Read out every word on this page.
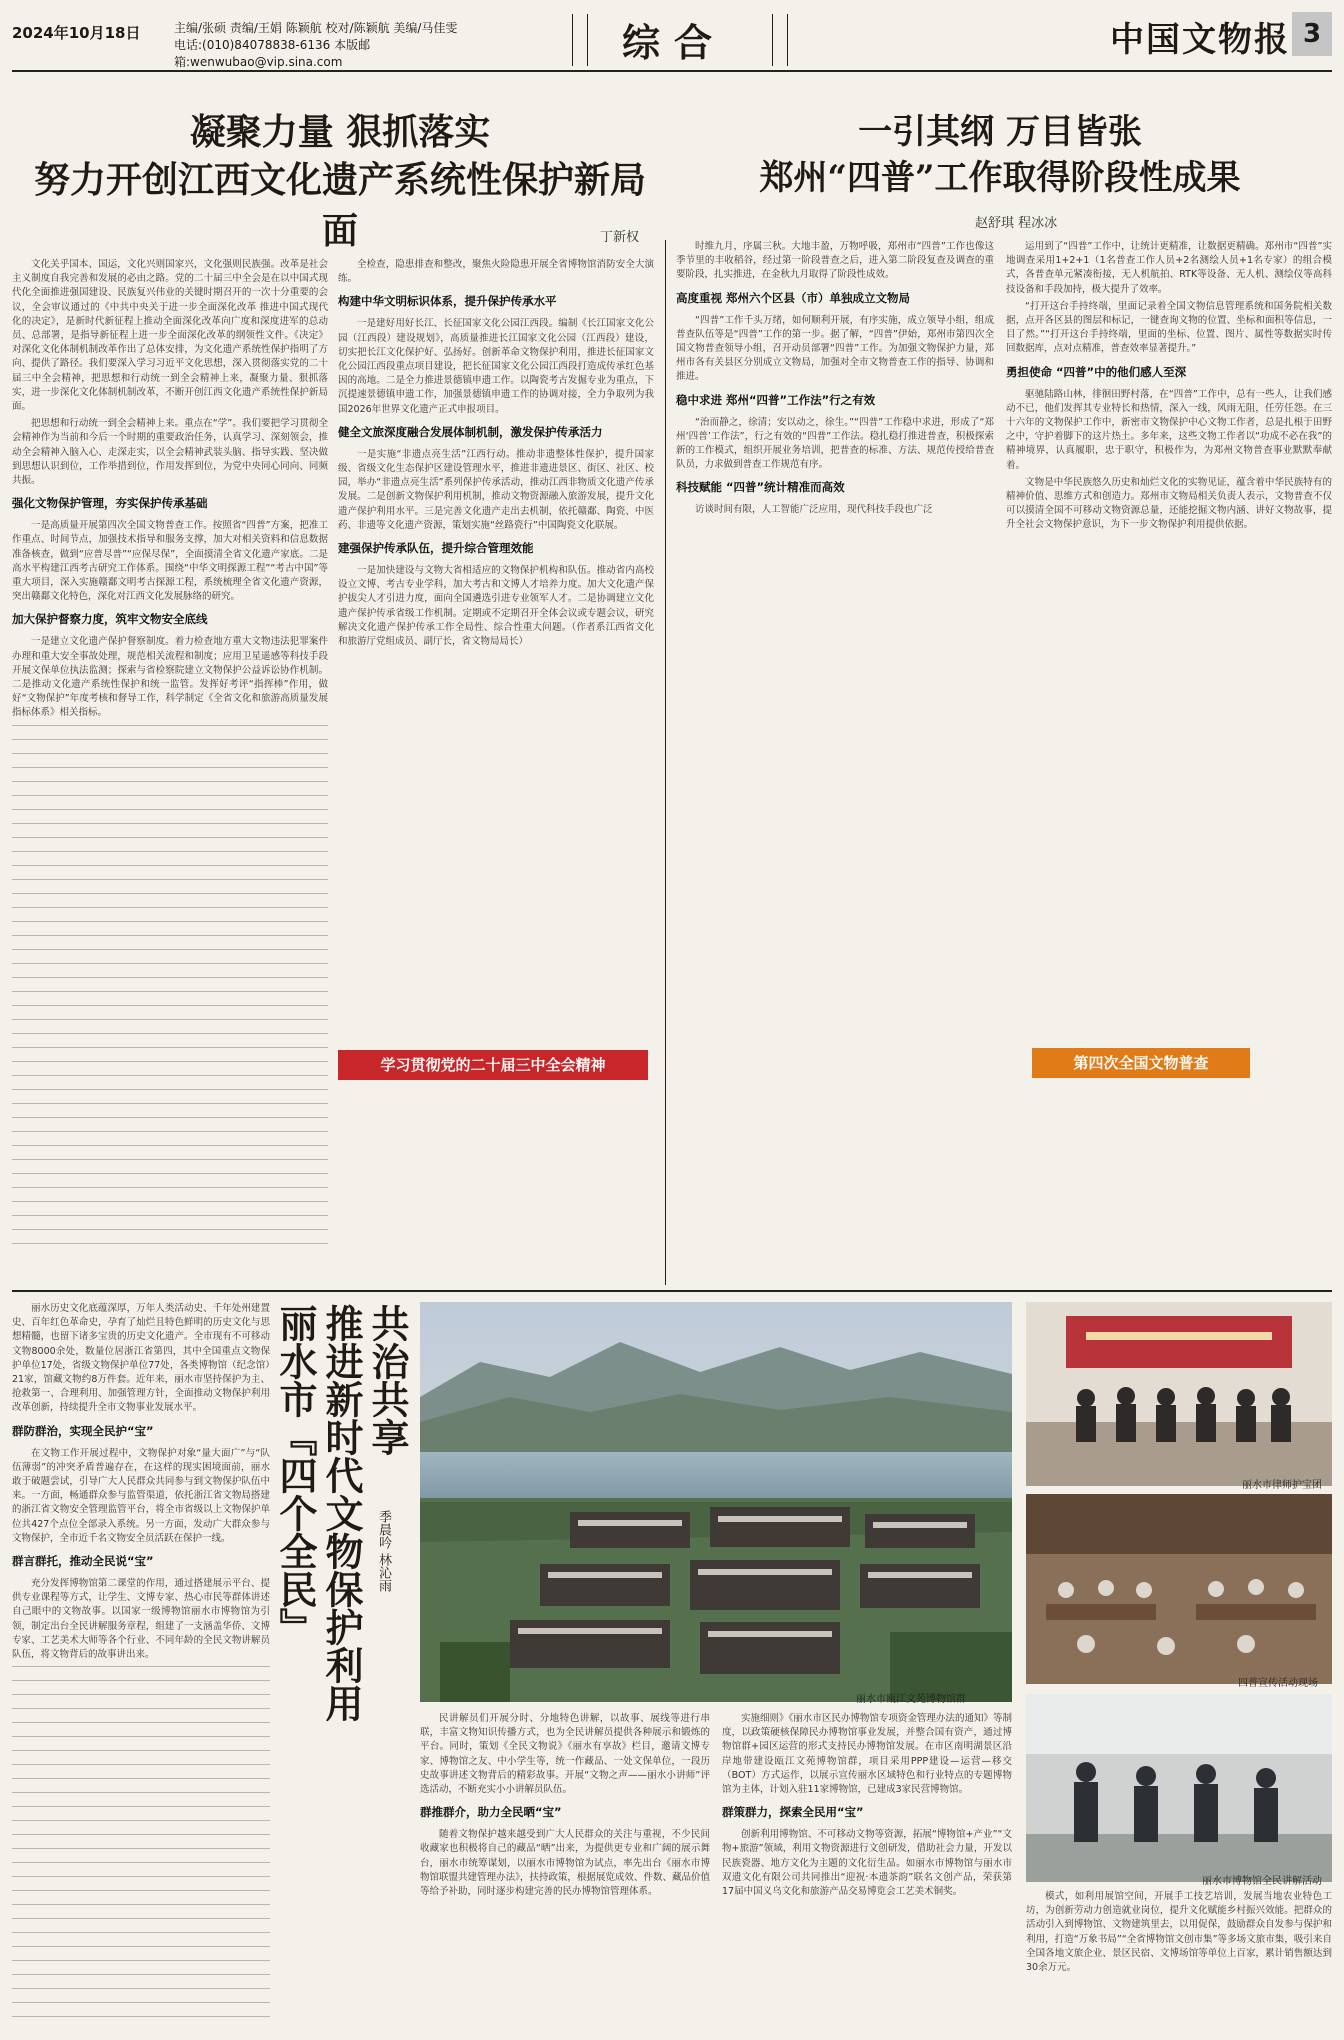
2024年10月18日	主编/张硕 责编/王娟 陈颖航 校对/陈颖航 美编/马佳雯
电话:(010)84078838-6136 本版邮箱:wenwubao@vip.sina.com	综合	中国文物报 3
凝聚力量 狠抓落实
努力开创江西文化遗产系统性保护新局面	丁新权

文化关乎国本、国运，文化兴则国家兴，文化强则民族强。改革是社会主义制度自我完善和发展的必由之路。党的二十届三中全会是在以中国式现代化全面推进强国建设、民族复兴伟业的关键时期召开的一次十分重要的会议，全会审议通过的《中共中央关于进一步全面深化改革 推进中国式现代化的决定》，是新时代新征程上推动全面深化改革向广度和深度进军的总动员、总部署，是指导新征程上进一步全面深化改革的纲领性文件。《决定》对深化文化体制机制改革作出了总体安排，为文化遗产系统性保护指明了方向、提供了路径。我们要深入学习习近平文化思想，深入贯彻落实党的二十届三中全会精神，把思想和行动统一到全会精神上来，凝聚力量、狠抓落实，进一步深化文化体制机制改革，不断开创江西文化遗产系统性保护新局面。

把思想和行动统一到全会精神上来。重点在“学”。我们要把学习贯彻全会精神作为当前和今后一个时期的重要政治任务，认真学习、深刻领会，推动全会精神入脑入心、走深走实，以全会精神武装头脑、指导实践、坚决做到思想认识到位，工作举措到位，作用发挥到位，为党中央同心同向、同频共振。

强化文物保护管理，夯实保护传承基础

一是高质量开展第四次全国文物普查工作。按照省“四普”方案，把准工作重点、时间节点，加强技术指导和服务支撑，加大对相关资料和信息数据准备核查，做到“应普尽普”“应保尽保”，全面摸清全省文化遗产家底。二是高水平构建江西考古研究工作体系。围绕“中华文明探源工程”“考古中国”等重大项目，深入实施赣鄱文明考古探源工程，系统梳理全省文化遗产资源，突出赣鄱文化特色，深化对江西文化发展脉络的研究。

加大保护督察力度，筑牢文物安全底线

一是建立文化遗产保护督察制度。着力检查地方重大文物违法犯罪案件办理和重大安全事故处理，规范相关流程和制度；应用卫星遥感等科技手段开展文保单位执法监测；探索与省检察院建立文物保护公益诉讼协作机制。二是推动文化遗产系统性保护和统一监管。发挥好考评“指挥棒”作用，做好“文物保护”年度考核和督导工作，科学制定《全省文化和旅游高质量发展指标体系》相关指标。

全检查，隐患排查和整改，聚焦火险隐患开展全省博物馆消防安全大演练。

构建中华文明标识体系，提升保护传承水平

一是建好用好长江、长征国家文化公园江西段。编制《长江国家文化公园（江西段）建设规划》，高质量推进长江国家文化公园（江西段）建设，切实把长江文化保护好、弘扬好。创新革命文物保护利用，推进长征国家文化公园江西段重点项目建设，把长征国家文化公园江西段打造成传承红色基因的高地。二是全力推进景德镇申遗工作。以陶瓷考古发掘专业为重点，下沉提速景德镇申遗工作，加强景德镇申遗工作的协调对接，全力争取列为我国2026年世界文化遗产正式申报项目。

健全文旅深度融合发展体制机制，激发保护传承活力

一是实施“非遗点亮生活”江西行动。推动非遗整体性保护，提升国家级、省级文化生态保护区建设管理水平，推进非遗进景区、街区、社区、校园，举办“非遗点亮生活”系列保护传承活动，推动江西非物质文化遗产传承发展。二是创新文物保护利用机制，推动文物资源融入旅游发展，提升文化遗产保护利用水平。三是完善文化遗产走出去机制，依托赣鄱、陶瓷、中医药、非遗等文化遗产资源，策划实施“丝路瓷行”中国陶瓷文化联展。

建强保护传承队伍，提升综合管理效能

一是加快建设与文物大省相适应的文物保护机构和队伍。推动省内高校设立文博、考古专业学科，加大考古和文博人才培养力度。加大文化遗产保护拔尖人才引进力度，面向全国遴选引进专业领军人才。二是协调建立文化遗产保护传承省级工作机制。定期或不定期召开全体会议或专题会议，研究解决文化遗产保护传承工作全局性、综合性重大问题。（作者系江西省文化和旅游厅党组成员、副厅长，省文物局局长）

学习贯彻党的二十届三中全会精神
一引其纲 万目皆张
郑州“四普”工作取得阶段性成果
赵舒琪 程冰冰

时维九月，序属三秋。大地丰盈，万物呼吸，郑州市“四普”工作也像这季节里的丰收稻谷，经过第一阶段普查之后，进入第二阶段复查及调查的重要阶段，扎实推进，在金秋九月取得了阶段性成效。

高度重视 郑州六个区县（市）单独成立文物局

“四普”工作千头万绪，如何顺利开展，有序实施，成立领导小组，组成普查队伍等是“四普”工作的第一步。据了解，“四普”伊始，郑州市第四次全国文物普查领导小组，召开动员部署“四普”工作。为加强文物保护力量，郑州市各有关县区分别成立文物局，加强对全市文物普查工作的指导、协调和推进。

稳中求进 郑州“四普”工作法”行之有效

“治而静之，徐清；安以动之，徐生。”“四普”工作稳中求进，形成了“郑州‘四普’工作法”，行之有效的“四普”工作法。稳扎稳打推进普查，积极探索新的工作模式，组织开展业务培训，把普查的标准、方法、规范传授给普查队员，力求做到普查工作规范有序。

科技赋能 “四普”统计精准而高效

访谈时间有限，人工智能广泛应用，现代科技手段也广泛

运用到了“四普”工作中，让统计更精准，让数据更精确。郑州市“四普”实地调查采用1+2+1（1名普查工作人员+2名测绘人员+1名专家）的组合模式，各普查单元紧凑衔接，无人机航拍、RTK等设备、无人机、测绘仪等高科技设备和手段加持，极大提升了效率。

“打开这台手持终端，里面记录着全国文物信息管理系统和国务院相关数据，点开各区县的图层和标记，一键查询文物的位置、坐标和面积等信息，一目了然。”“打开这台手持终端，里面的坐标、位置、图片、属性等数据实时传回数据库，点对点精准，普查效率显著提升。”

勇担使命 “四普”中的他们感人至深

驱驰陆路山林，徘徊田野村落，在“四普”工作中，总有一些人，让我们感动不已，他们发挥其专业特长和热情，深入一线，风雨无阻，任劳任怨。在三十六年的文物保护工作中，新密市文物保护中心文物工作者，总是扎根于田野之中，守护着脚下的这片热土。多年来，这些文物工作者以“功成不必在我”的精神境界，认真履职，忠于职守，积极作为，为郑州文物普查事业默默奉献着。

文物是中华民族悠久历史和灿烂文化的实物见证，蕴含着中华民族特有的精神价值、思维方式和创造力。郑州市文物局相关负责人表示，文物普查不仅可以摸清全国不可移动文物资源总量，还能挖掘文物内涵、讲好文物故事，提升全社会文物保护意识，为下一步文物保护利用提供依据。

第四次全国文物普查

丽水历史文化底蕴深厚，万年人类活动史、千年处州建置史、百年红色革命史，孕育了灿烂且特色鲜明的历史文化与思想精髓，也留下诸多宝贵的历史文化遗产。全市现有不可移动文物8000余处，数量位居浙江省第四，其中全国重点文物保护单位17处，省级文物保护单位77处，各类博物馆（纪念馆）21家，馆藏文物约8万件套。近年来，丽水市坚持保护为主、抢救第一、合理利用、加强管理方针，全面推动文物保护利用改革创新，持续提升全市文物事业发展水平。

群防群治，实现全民护“宝”

在文物工作开展过程中，文物保护对象“量大面广”与“队伍薄弱”的冲突矛盾普遍存在，在这样的现实困境面前，丽水敢于破题尝试，引导广大人民群众共同参与到文物保护队伍中来。一方面，畅通群众参与监管渠道，依托浙江省文物局搭建的浙江省文物安全管理监管平台，将全市省级以上文物保护单位共427个点位全部录入系统。另一方面，发动广大群众参与文物保护，全市近千名文物安全员活跃在保护一线。

群言群托，推动全民说“宝”

充分发挥博物馆第二课堂的作用，通过搭建展示平台、提供专业课程等方式，让学生、文博专家、热心市民等群体讲述自己眼中的文物故事。以国家一级博物馆丽水市博物馆为引领，制定出台全民讲解服务章程，组建了一支涵盖华侨、文博专家、工艺美术大师等各个行业、不同年龄的全民文物讲解员队伍，将文物背后的故事讲出来。

共治共享
推进新时代文物保护利用
丽水市『四个全民』	季晨吟 林沁雨
丽水市瓯江文苑博物馆群
丽水市律师护宝团
四普宣传活动现场
丽水市博物馆全民讲解活动

民讲解员们开展分时、分地特色讲解，以故事、展线等进行串联，丰富文物知识传播方式，也为全民讲解员提供各种展示和锻炼的平台。同时，策划《全民文物说》《丽水有享故》栏目，邀请文博专家、博物馆之友、中小学生等，统一作藏品、一处文保单位，一段历史故事讲述文物背后的精彩故事。开展“文物之声——丽水小讲师”评选活动，不断充实小小讲解员队伍。

群推群介，助力全民晒“宝”

随着文物保护越来越受到广大人民群众的关注与重视，不少民间收藏家也积极将自己的藏品“晒”出来，为提供更专业和广阔的展示舞台，丽水市统筹谋划，以丽水市博物馆为试点，率先出台《丽水市博物馆联盟共建管理办法》，扶持政策，根据展览成效、件数、藏品价值等给予补助，同时逐步构建完善的民办博物馆管理体系。

实施细则》《丽水市区民办博物馆专项资金管理办法的通知》等制度，以政策硬核保障民办博物馆事业发展，并整合国有资产，通过博物馆群+园区运营的形式支持民办博物馆发展。在市区南明湖景区沿岸地带建设瓯江文苑博物馆群，项目采用PPP建设—运营—移交（BOT）方式运作，以展示宣传丽水区域特色和行业特点的专题博物馆为主体，计划入驻11家博物馆，已建成3家民营博物馆。

群策群力，探索全民用“宝”

创新利用博物馆、不可移动文物等资源，拓展“博物馆+产业”“文物+旅游”领域，利用文物资源进行文创研发，借助社会力量，开发以民族瓷器、地方文化为主题的文化衍生品。如丽水市博物馆与丽水市双遗文化有限公司共同推出“迎祝·本遗茶韵”联名文创产品，荣获第17届中国义乌文化和旅游产品交易博览会工艺美术铜奖。	模式，如利用展馆空间，开展手工技艺培训，发展当地农业特色工坊，为创新劳动力创造就业岗位，提升文化赋能乡村振兴效能。把群众的活动引入到博物馆、文物建筑里去，以用促保，鼓励群众自发参与保护和利用，打造“万象书局”“全省博物馆文创市集”等多场文旅市集，吸引来自全国各地文旅企业、景区民宿、文博场馆等单位上百家，累计销售额达到30余万元。
